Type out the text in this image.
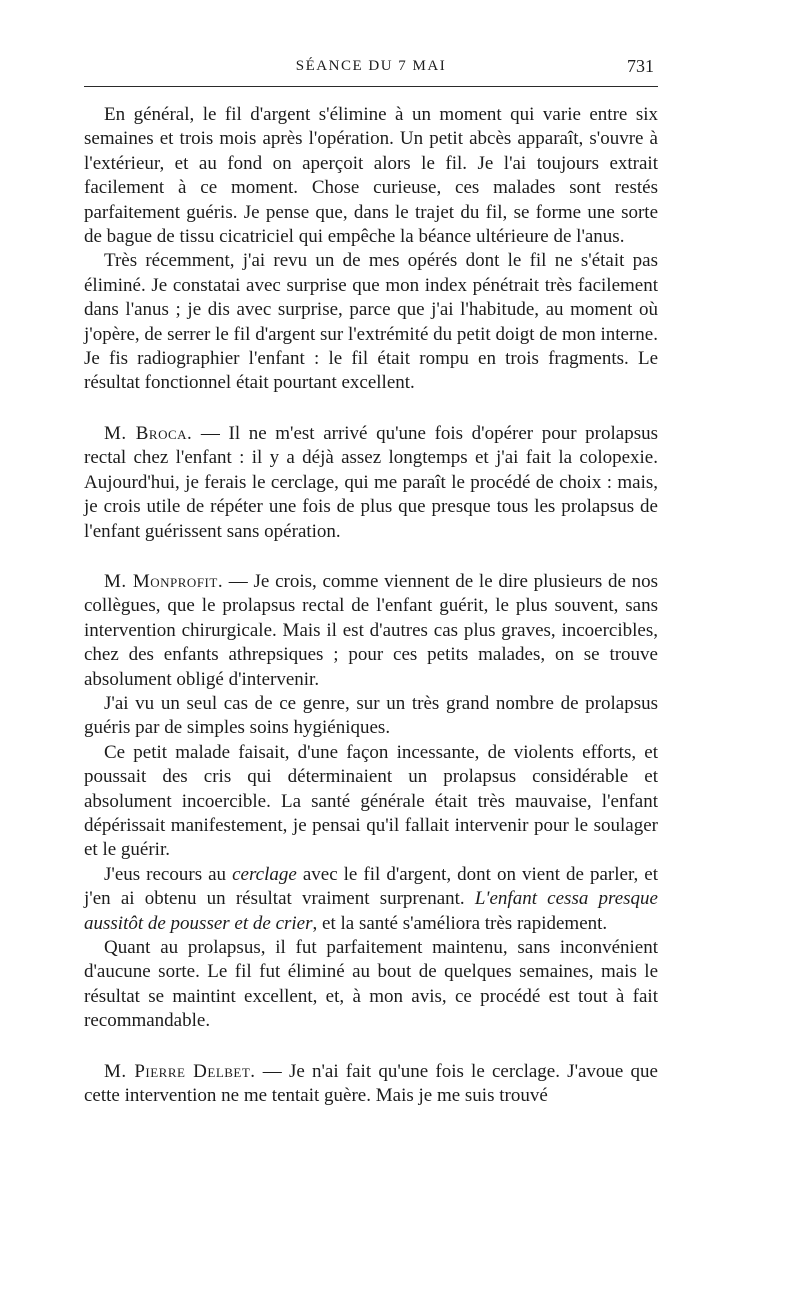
SÉANCE DU 7 MAI	731

En général, le fil d'argent s'élimine à un moment qui varie entre six semaines et trois mois après l'opération. Un petit abcès apparaît, s'ouvre à l'extérieur, et au fond on aperçoit alors le fil. Je l'ai toujours extrait facilement à ce moment. Chose curieuse, ces malades sont restés parfaitement guéris. Je pense que, dans le trajet du fil, se forme une sorte de bague de tissu cicatriciel qui empêche la béance ultérieure de l'anus.

Très récemment, j'ai revu un de mes opérés dont le fil ne s'était pas éliminé. Je constatai avec surprise que mon index pénétrait très facilement dans l'anus ; je dis avec surprise, parce que j'ai l'habitude, au moment où j'opère, de serrer le fil d'argent sur l'extrémité du petit doigt de mon interne. Je fis radiographier l'enfant : le fil était rompu en trois fragments. Le résultat fonctionnel était pourtant excellent.

M. Broca. — Il ne m'est arrivé qu'une fois d'opérer pour prolapsus rectal chez l'enfant : il y a déjà assez longtemps et j'ai fait la colopexie. Aujourd'hui, je ferais le cerclage, qui me paraît le procédé de choix : mais, je crois utile de répéter une fois de plus que presque tous les prolapsus de l'enfant guérissent sans opération.

M. Monprofit. — Je crois, comme viennent de le dire plusieurs de nos collègues, que le prolapsus rectal de l'enfant guérit, le plus souvent, sans intervention chirurgicale. Mais il est d'autres cas plus graves, incoercibles, chez des enfants athrepsiques ; pour ces petits malades, on se trouve absolument obligé d'intervenir.

J'ai vu un seul cas de ce genre, sur un très grand nombre de prolapsus guéris par de simples soins hygiéniques.

Ce petit malade faisait, d'une façon incessante, de violents efforts, et poussait des cris qui déterminaient un prolapsus considérable et absolument incoercible. La santé générale était très mauvaise, l'enfant dépérissait manifestement, je pensai qu'il fallait intervenir pour le soulager et le guérir.

J'eus recours au cerclage avec le fil d'argent, dont on vient de parler, et j'en ai obtenu un résultat vraiment surprenant. L'enfant cessa presque aussitôt de pousser et de crier, et la santé s'améliora très rapidement.

Quant au prolapsus, il fut parfaitement maintenu, sans inconvénient d'aucune sorte. Le fil fut éliminé au bout de quelques semaines, mais le résultat se maintint excellent, et, à mon avis, ce procédé est tout à fait recommandable.

M. Pierre Delbet. — Je n'ai fait qu'une fois le cerclage. J'avoue que cette intervention ne me tentait guère. Mais je me suis trouvé
